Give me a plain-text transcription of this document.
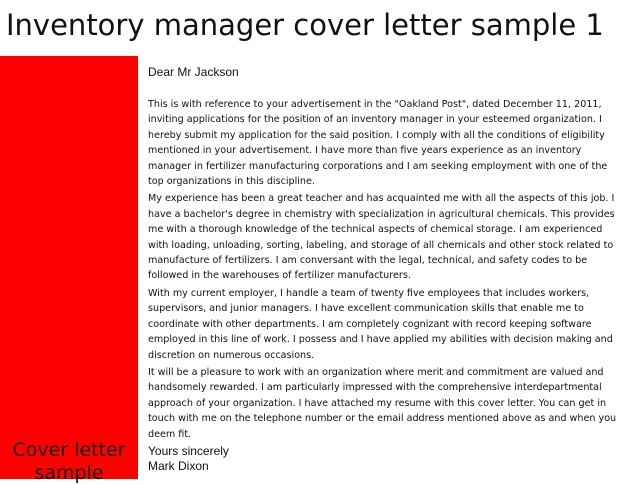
Inventory manager cover letter sample 1
Cover letter sample

Dear Mr Jackson

This is with reference to your advertisement in the "Oakland Post", dated December 11, 2011, inviting applications for the position of an inventory manager in your esteemed organization. I hereby submit my application for the said position. I comply with all the conditions of eligibility mentioned in your advertisement. I have more than five years experience as an inventory manager in fertilizer manufacturing corporations and I am seeking employment with one of the top organizations in this discipline.

My experience has been a great teacher and has acquainted me with all the aspects of this job. I have a bachelor's degree in chemistry with specialization in agricultural chemicals. This provides me with a thorough knowledge of the technical aspects of chemical storage. I am experienced with loading, unloading, sorting, labeling, and storage of all chemicals and other stock related to manufacture of fertilizers. I am conversant with the legal, technical, and safety codes to be followed in the warehouses of fertilizer manufacturers.

With my current employer, I handle a team of twenty five employees that includes workers, supervisors, and junior managers. I have excellent communication skills that enable me to coordinate with other departments. I am completely cognizant with record keeping software employed in this line of work. I possess and I have applied my abilities with decision making and discretion on numerous occasions.

It will be a pleasure to work with an organization where merit and commitment are valued and handsomely rewarded. I am particularly impressed with the comprehensive interdepartmental approach of your organization. I have attached my resume with this cover letter. You can get in touch with me on the telephone number or the email address mentioned above as and when you deem fit.

Yours sincerely

Mark Dixon
